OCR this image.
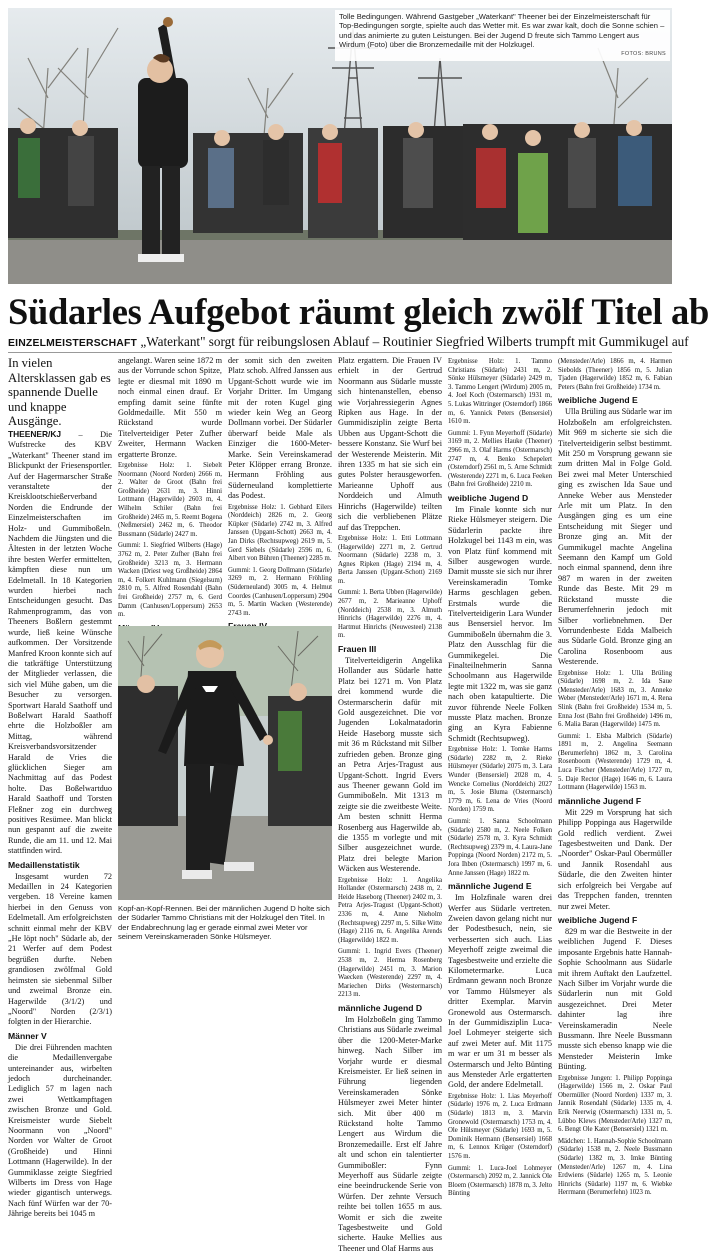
Tolle Bedingungen. Während Gastgeber „Waterkant" Theener bei der Einzelmeisterschaft für Top-Bedingungen sorgte, spielte auch das Wetter mit. Es war zwar kalt, doch die Sonne schien – und das animierte zu guten Leistungen. Bei der Jugend D freute sich Tammo Lengert aus Wirdum (Foto) über die Bronzemedaille mit der Holzkugel.
FOTOS: BRUNS
Südarles Aufgebot räumt gleich zwölf Titel ab
EINZELMEISTERSCHAFT „Waterkant" sorgt für reibungslosen Ablauf – Routinier Siegfried Wilberts trumpft mit Gummikugel auf

In vielen Altersklassen gab es spannende Duelle und knappe Ausgänge.

THEENER/KJ – Die Wufstrecke des KBV „Waterkant" Theener stand im Blickpunkt der Friesensportler. Auf der Hagermarscher Straße veranstaltete der Kreisklootschießerverband Norden die Endrunde der Einzelmeisterschaften im Holz- und Gummiboßeln. Nachdem die Jüngsten und die Ältesten in der letzten Woche ihre besten Werfer ermittelten, kämpften diese nun um Edelmetall. In 18 Kategorien wurden hierbei nach Entscheidungen gesucht. Das Rahmenprogramm, das von Theeners Boßlern gestemmt wurde, ließ keine Wünsche aufkommen. Der Vorsitzende Manfred Kroon konnte sich auf die tatkräftige Unterstützung der Mitglieder verlassen, die sich viel Mühe gaben, um die Besucher zu versorgen. Sportwart Harald Saathoff und Boßelwart Harald Saathoff ehrte die Holzboßler am Mittag, während Kreisverbandsvorsitzender Harald de Vries die glücklichen Sieger am Nachmittag auf das Podest holte. Das Boßelwartduo Harald Saathoff und Torsten Fleßner zog ein durchweg positives Resümee. Man blickt nun gespannt auf die zweite Runde, die am 11. und 12. Mai stattfinden wird.

Medaillenstatistik

Insgesamt wurden 72 Medaillen in 24 Kategorien vergeben. 18 Vereine kamen hierbei in den Genuss von Edelmetall. Am erfolgreichsten schnitt einmal mehr der KBV „He löpt noch" Südarle ab, der 21 Werfer auf dem Podest begrüßen durfte. Neben grandiosen zwölfmal Gold heimsten sie siebenmal Silber und zweimal Bronze ein. Hagerwilde (3/1/2) und „Noord" Norden (2/3/1) folgten in der Hierarchie.

Männer V

Die drei Führenden machten die Medaillenvergabe untereinander aus, wirbelten jedoch durcheinander. Lediglich 57 m lagen nach zwei Wettkampftagen zwischen Bronze und Gold. Kreismeister wurde Siebelt Noormann von „Noord" Norden vor Walter de Groot (Großheide) und Hinni Lottmann (Hagerwilde). In der Gummiklasse zeigte Siegfried Wilberts im Dress von Hage wieder gigantisch unterwegs. Nach fünf Würfen war der 70-Jährige bereits bei 1045 m

angelangt. Waren seine 1872 m aus der Vorrunde schon Spitze, legte er diesmal mit 1890 m noch einmal einen drauf. Er empfing damit seine fünfte Goldmedaille. Mit 550 m Rückstand wurde Titelverteidiger Peter Zufher Zweiter, Hermann Wacken ergatterte Bronze.

Ergebnisse Holz: 1. Siebelt Noormann (Noord Norden) 2666 m, 2. Walter de Groot (Bahn frei Großheide) 2631 m, 3. Hinni Lottmann (Hagerwilde) 2603 m, 4. Wilhelm Schiler (Bahn frei Großheide) 2465 m, 5. Reemt Bogena (Neßmersiel) 2462 m, 6. Theodor Bussmann (Südarle) 2427 m.

Gummi: 1. Siegfried Wilberts (Hage) 3762 m, 2. Peter Zufher (Bahn frei Großheide) 3213 m, 3. Hermann Wacken (Driest weg Großheide) 2864 m, 4. Folkert Kuhlmann (Siegelsum) 2810 m, 5. Alfred Rosendahl (Bahn frei Großheide) 2757 m, 6. Gerd Damm (Canhusen/Loppersum) 2653 m.

der somit sich den zweiten Platz schob. Alfred Janssen aus Upgant-Schott wurde wie im Vorjahr Dritter. Im Umgang mit der roten Kugel ging wieder kein Weg an Georg Dollmann vorbei. Der Südarler überwarf beide Male als Einziger die 1600-Meter-Marke. Sein Vereinskamerad Peter Klöpper errang Bronze. Hermann Fröhling aus Süderneuland komplettierte das Podest.

Ergebnisse Holz: 1. Gebhard Eilers (Norddeich) 2826 m, 2. Georg Küpker (Südarle) 2742 m, 3. Alfred Janssen (Upgant-Schott) 2663 m, 4. Jan Dirks (Rechtsupweg) 2619 m, 5. Gerd Siebels (Südarle) 2596 m, 6. Albert von Bühren (Theener) 2285 m.

Gummi: 1. Georg Dollmann (Südarle) 3269 m, 2. Hermann Fröhling (Süderneuland) 3005 m, 4. Helmut Coordes (Canhusen/Loppersum) 2904 m, 5. Martin Wacken (Westerende) 2743 m.

Kopf-an-Kopf-Rennen. Bei der männlichen Jugend D holte sich der Südarler Tammo Christians mit der Holzkugel den Titel. In der Endabrechnung lag er gerade einmal zwei Meter vor seinem Vereinskameraden Sönke Hülsmeyer.

Platz ergattern. Die Frauen IV erhielt in der Gertrud Noormann aus Südarle musste sich hintenanstellen, ebenso wie Vorjahressiegerin Agnes Ripken aus Hage. In der Gummidisziplin zeigte Berta Ubben aus Upgant-Schott die bessere Konstanz. Sie Wurf bei der Westerende Meisterin. Mit ihren 1335 m hat sie sich ein gutes Polster herausgeworfen. Marieanne Uphoff aus Norddeich und Almuth Hinrichs (Hagerwilde) teilten sich die verbliebenen Plätze auf das Treppchen.

Ergebnisse Holz: 1. Etti Lottmann (Hagerwilde) 2271 m, 2. Gertrud Noormann (Südarle) 2238 m, 3. Agnes Ripken (Hage) 2194 m, 4. Berta Janssen (Upgant-Schott) 2169 m.

Gummi: 1. Berta Ubben (Hagerwilde) 2677 m, 2. Marieanne Uphoff (Norddeich) 2538 m, 3. Almuth Hinrichs (Hagerwilde) 2276 m, 4. Hartmut Hinrichs (Neuwesteel) 2138 m.

Frauen III

Titelverteidigerin Angelika Hollander aus Südarle hatte Platz bei 1271 m. Von Platz drei kommend wurde die Ostermarscherin dafür mit Gold ausgezeichnet. Die vor Jugenden Lokalmatadorin Heide Haseborg musste sich mit 36 m Rückstand mit Silber zufrieden geben. Bronze ging an Petra Arjes-Tragust aus Upgant-Schott. Ingrid Evers aus Theener gewann Gold im Gummiboßeln. Mit 1313 m zeigte sie die zweitbeste Weite. Am besten schnitt Herma Rosenberg aus Hagerwilde ab, die 1355 m vorlegte und mit Silber ausgezeichnet wurde. Platz drei belegte Marion Wäcken aus Westerende.

Ergebnisse Holz: 1. Angelika Hollander (Ostermarsch) 2438 m, 2. Heide Haseborg (Theener) 2402 m, 3. Petra Arjes-Tragust (Upgant-Schott) 2336 m, 4. Anne Nieholm (Rechtsupweg) 2297 m, 5. Silke Witte (Hage) 2116 m, 6. Angelika Arends (Hagerwilde) 1822 m.

Gummi: 1. Ingrid Evers (Theener) 2538 m, 2. Herma Rosenberg (Hagerwilde) 2451 m, 3. Marion Waecken (Westerende) 2297 m, 4. Mariechen Dirks (Westermarsch) 2213 m.

männliche Jugend D

Im Holzboßeln ging Tammo Christians aus Südarle zweimal über die 1200-Meter-Marke hinweg. Nach Silber im Vorjahr wurde er diesmal Kreismeister. Er ließ seinen in Führung liegenden Vereinskameraden Sönke Hülsmeyer zwei Meter hinter sich. Mit über 400 m Rückstand holte Tammo Lengert aus Wirdum die Bronzemedaille. Erst elf Jahre alt und schon ein talentierter Gummiboßler: Fynn Meyerhoff aus Südarle zeigte eine beeindruckende Serie von Würfen. Der zehnte Versuch reihte bei tollen 1655 m aus. Womit er sich die zweite Tagesbestweite und Gold sicherte. Hauke Mellies aus Theener und Olaf Harms aus

Ergebnisse Holz: 1. Tammo Christians (Südarle) 2431 m, 2. Sönke Hülsmeyer (Südarle) 2429 m, 3. Tammo Lengert (Wirdum) 2005 m, 4. Joel Koch (Ostermarsch) 1931 m, 5. Lukas Wittringer (Osterndorf) 1866 m, 6. Yannick Peters (Bensersiel) 1610 m.

Gummi: 1. Fynn Meyerhoff (Südarle) 3169 m, 2. Mellies Hauke (Theener) 2966 m, 3. Olaf Harms (Ostermarsch) 2747 m, 4. Benko Schepelert (Osterndorf) 2561 m, 5. Arne Schmidt (Westerende) 2271 m, 6. Luca Feeken (Bahn frei Großheide) 2210 m.

weibliche Jugend D

Im Finale konnte sich nur Rieke Hülsmeyer steigern. Die Südarlerin packte ihre Holzkugel bei 1143 m ein, was von Platz fünf kommend mit Silber ausgewogen wurde. Damit musste sie sich nur ihrer Vereinskameradin Tomke Harms geschlagen geben. Erstmals wurde die Titelverteidigerin Lara Wunder aus Bensersiel hervor. Im Gummiboßeln übernahm die 3. Platz den Ausschlag für die Gummikegelei. Die Finalteilnehmerin Sanna Schoolmann aus Hagerwilde legte mit 1322 m, was sie ganz nach oben katapultierte. Die zuvor führende Neele Folken musste Platz machen. Bronze ging an Kyra Fabienne Schmidt (Rechtsupweg).

Ergebnisse Holz: 1. Tomke Harms (Südarle) 2282 m, 2. Rieke Hülsmeyer (Südarle) 2075 m, 3. Lara Wunder (Bensersiel) 2028 m, 4. Wencke Cornelius (Norddeich) 2027 m, 5. Josie Bluma (Ostermarsch) 1779 m, 6. Lena de Vries (Noord Norden) 1759 m.

Gummi: 1. Sanna Schoolmann (Südarle) 2580 m, 2. Neele Folken (Südarle) 2578 m, 3. Kyra Schmidt (Rechtsupweg) 2379 m, 4. Laura-Jane Poppinga (Noord Norden) 2172 m, 5. Jora Ihben (Ostermarsch) 1997 m, 6. Anne Janssen (Hage) 1822 m.

männliche Jugend E

Im Holzfinale waren drei Werfer aus Südarle vertreten. Zweien davon gelang nicht nur der Podestbesuch, nein, sie verbesserten sich auch. Lias Meyerhoff zeigte zweimal die Tagesbestweite und erzielte die Kilometermarke. Luca Erdmann gewann noch Bronze vor Tammo Hülsmeyer als dritter Exemplar. Marvin Gronewold aus Ostermarsch. In der Gummidisziplin Luca-Joel Lohmeyer steigerte sich auf zwei Meter auf. Mit 1175 m war er um 31 m besser als Ostermarsch und Jelto Bünting aus Mensteder Arle ergatterten Gold, der andere Edelmetall.

Ergebnisse Holz: 1. Lias Meyerhoff (Südarle) 1976 m, 2. Luca Erdmann (Südarle) 1813 m, 3. Marvin Gronewold (Ostermarsch) 1753 m, 4. Ole Hülsmeyer (Südarle) 1693 m, 5. Dominik Hermann (Bensersiel) 1668 m, 6. Lennox Krüger (Osterndorf) 1576 m.

Gummi: 1. Luca-Joel Lohmeyer (Ostermarsch) 2092 m, 2. Jannick Ole Bloem (Ostermarsch) 1878 m, 3. Jelto Bünting

(Mensteder/Arle) 1866 m, 4. Harmen Siebolds (Theener) 1856 m, 5. Julian Tjaden (Hagerwilde) 1852 m, 6. Fabian Peters (Bahn frei Großheide) 1734 m.

weibliche Jugend E

Ulla Brüling aus Südarle war im Holzboßeln am erfolgreichsten. Mit 969 m sicherte sie sich die Titelverteidigerin selbst bestimmt. Mit 250 m Vorsprung gewann sie zum dritten Mal in Folge Gold. Bei zwei mal Meter Unterschied ging es zwischen Ida Saue und Anneke Weber aus Mensteder Arle mit um Platz. In den Ausgängen ging es um eine Entscheidung mit Sieger und Bronze ging an. Mit der Gummikugel machte Angelina Seemann den Kampf um Gold noch einmal spannend, denn ihre 987 m waren in der zweiten Runde das Beste. Mit 29 m Rückstand musste die Berumerfehnerin jedoch mit Silber vorliebnehmen. Der Vorrundenbeste Edda Malbeich aus Südarle Gold. Bronze ging an Carolina Rosenboom aus Westerende.

Ergebnisse Holz: 1. Ulla Brüling (Südarle) 1698 m, 2. Ida Saue (Mensteder/Arle) 1683 m, 3. Anneke Weber (Mensteder/Arle) 1671 m, 4. Rena Slink (Bahn frei Großheide) 1534 m, 5. Enna Jost (Bahn frei Großheide) 1496 m, 6. Malia Baran (Hagerwilde) 1475 m.

Gummi: 1. Elsba Malbrich (Südarle) 1891 m, 2. Angelina Seemann (Berumerfehn) 1862 m, 3. Carolina Rosenboom (Westerende) 1729 m, 4. Luca Fischer (Mensteder/Arle) 1727 m, 5. Daje Rector (Hage) 1646 m, 6. Laura Lottmann (Hagerwilde) 1563 m.

männliche Jugend F

Mit 229 m Vorsprung hat sich Philipp Poppinga aus Hagerwilde Gold redlich verdient. Zwei Tagesbestweiten und Dank. Der „Noorder" Oskar-Paul Obermüller und Jannik Rosendahl aus Südarle, die den Zweiten hinter sich erfolgreich bei Vergabe auf das Treppchen fanden, trennten nur zwei Meter.

weibliche Jugend F

829 m war die Bestweite in der weiblichen Jugend F. Dieses imposante Ergebnis hatte Hannah-Sophie Schoolmann aus Südarle mit ihrem Auftakt den Laufzettel. Nach Silber im Vorjahr wurde die Südarlerin nun mit Gold ausgezeichnet. Drei Meter dahinter lag ihre Vereinskameradin Neele Bussmann. Ihre Neele Bussmann musste sich ebenso knapp wie die Mensteder Meisterin Imke Bünting.

Ergebnisse Jungen: 1. Philipp Poppinga (Hagerwilde) 1566 m, 2. Oskar Paul Obermüller (Noord Norden) 1337 m, 3. Jannik Rosendahl (Südarle) 1335 m, 4. Erik Neerwig (Ostermarsch) 1331 m, 5. Lübbo Klews (Mensteder/Arle) 1327 m, 6. Bengt Ole Kater (Bensersiel) 1321 m.

Mädchen: 1. Hannah-Sophie Schoolmann (Südarle) 1538 m, 2. Neele Bussmann (Südarle) 1382 m, 3. Imke Bünting (Mensteder/Arle) 1267 m, 4. Lina Erdwiens (Südarle) 1265 m, 5. Leonie Hinrichs (Südarle) 1197 m, 6. Wiebke Herrmann (Berumerfehn) 1023 m.
